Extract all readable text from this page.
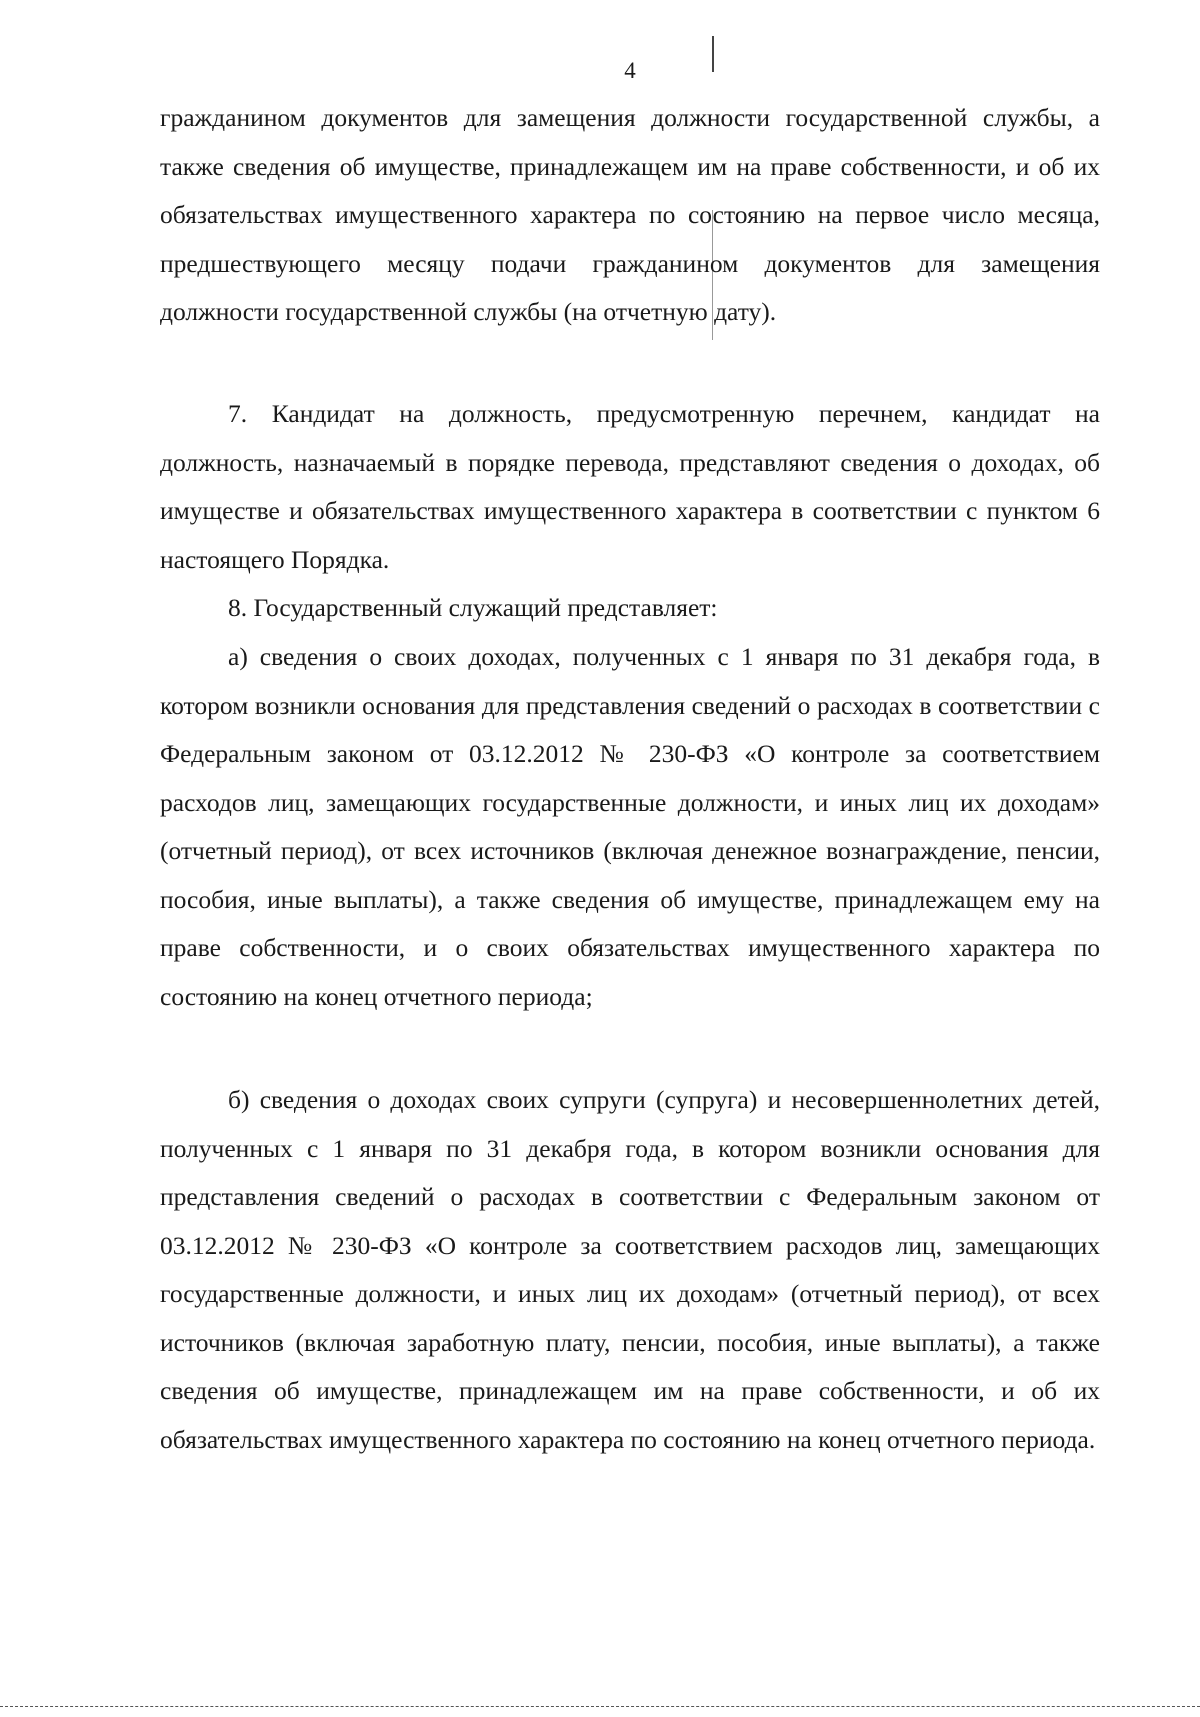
4

гражданином документов для замещения должности государственной службы, а также сведения об имуществе, принадлежащем им на праве собственности, и об их обязательствах имущественного характера по состоянию на первое число месяца, предшествующего месяцу подачи гражданином документов для замещения должности государственной службы (на отчетную дату).

7. Кандидат на должность, предусмотренную перечнем, кандидат на должность, назначаемый в порядке перевода, представляют сведения о доходах, об имуществе и обязательствах имущественного характера в соответствии с пунктом 6 настоящего Порядка.

8. Государственный служащий представляет:

а) сведения о своих доходах, полученных с 1 января по 31 декабря года, в котором возникли основания для представления сведений о расходах в соответствии с Федеральным законом от 03.12.2012 № 230-ФЗ «О контроле за соответствием расходов лиц, замещающих государственные должности, и иных лиц их доходам» (отчетный период), от всех источников (включая денежное вознаграждение, пенсии, пособия, иные выплаты), а также сведения об имуществе, принадлежащем ему на праве собственности, и о своих обязательствах имущественного характера по состоянию на конец отчетного периода;

б) сведения о доходах своих супруги (супруга) и несовершеннолетних детей, полученных с 1 января по 31 декабря года, в котором возникли основания для представления сведений о расходах в соответствии с Федеральным законом от 03.12.2012 № 230-ФЗ «О контроле за соответствием расходов лиц, замещающих государственные должности, и иных лиц их доходам» (отчетный период), от всех источников (включая заработную плату, пенсии, пособия, иные выплаты), а также сведения об имуществе, принадлежащем им на праве собственности, и об их обязательствах имущественного характера по состоянию на конец отчетного периода.
